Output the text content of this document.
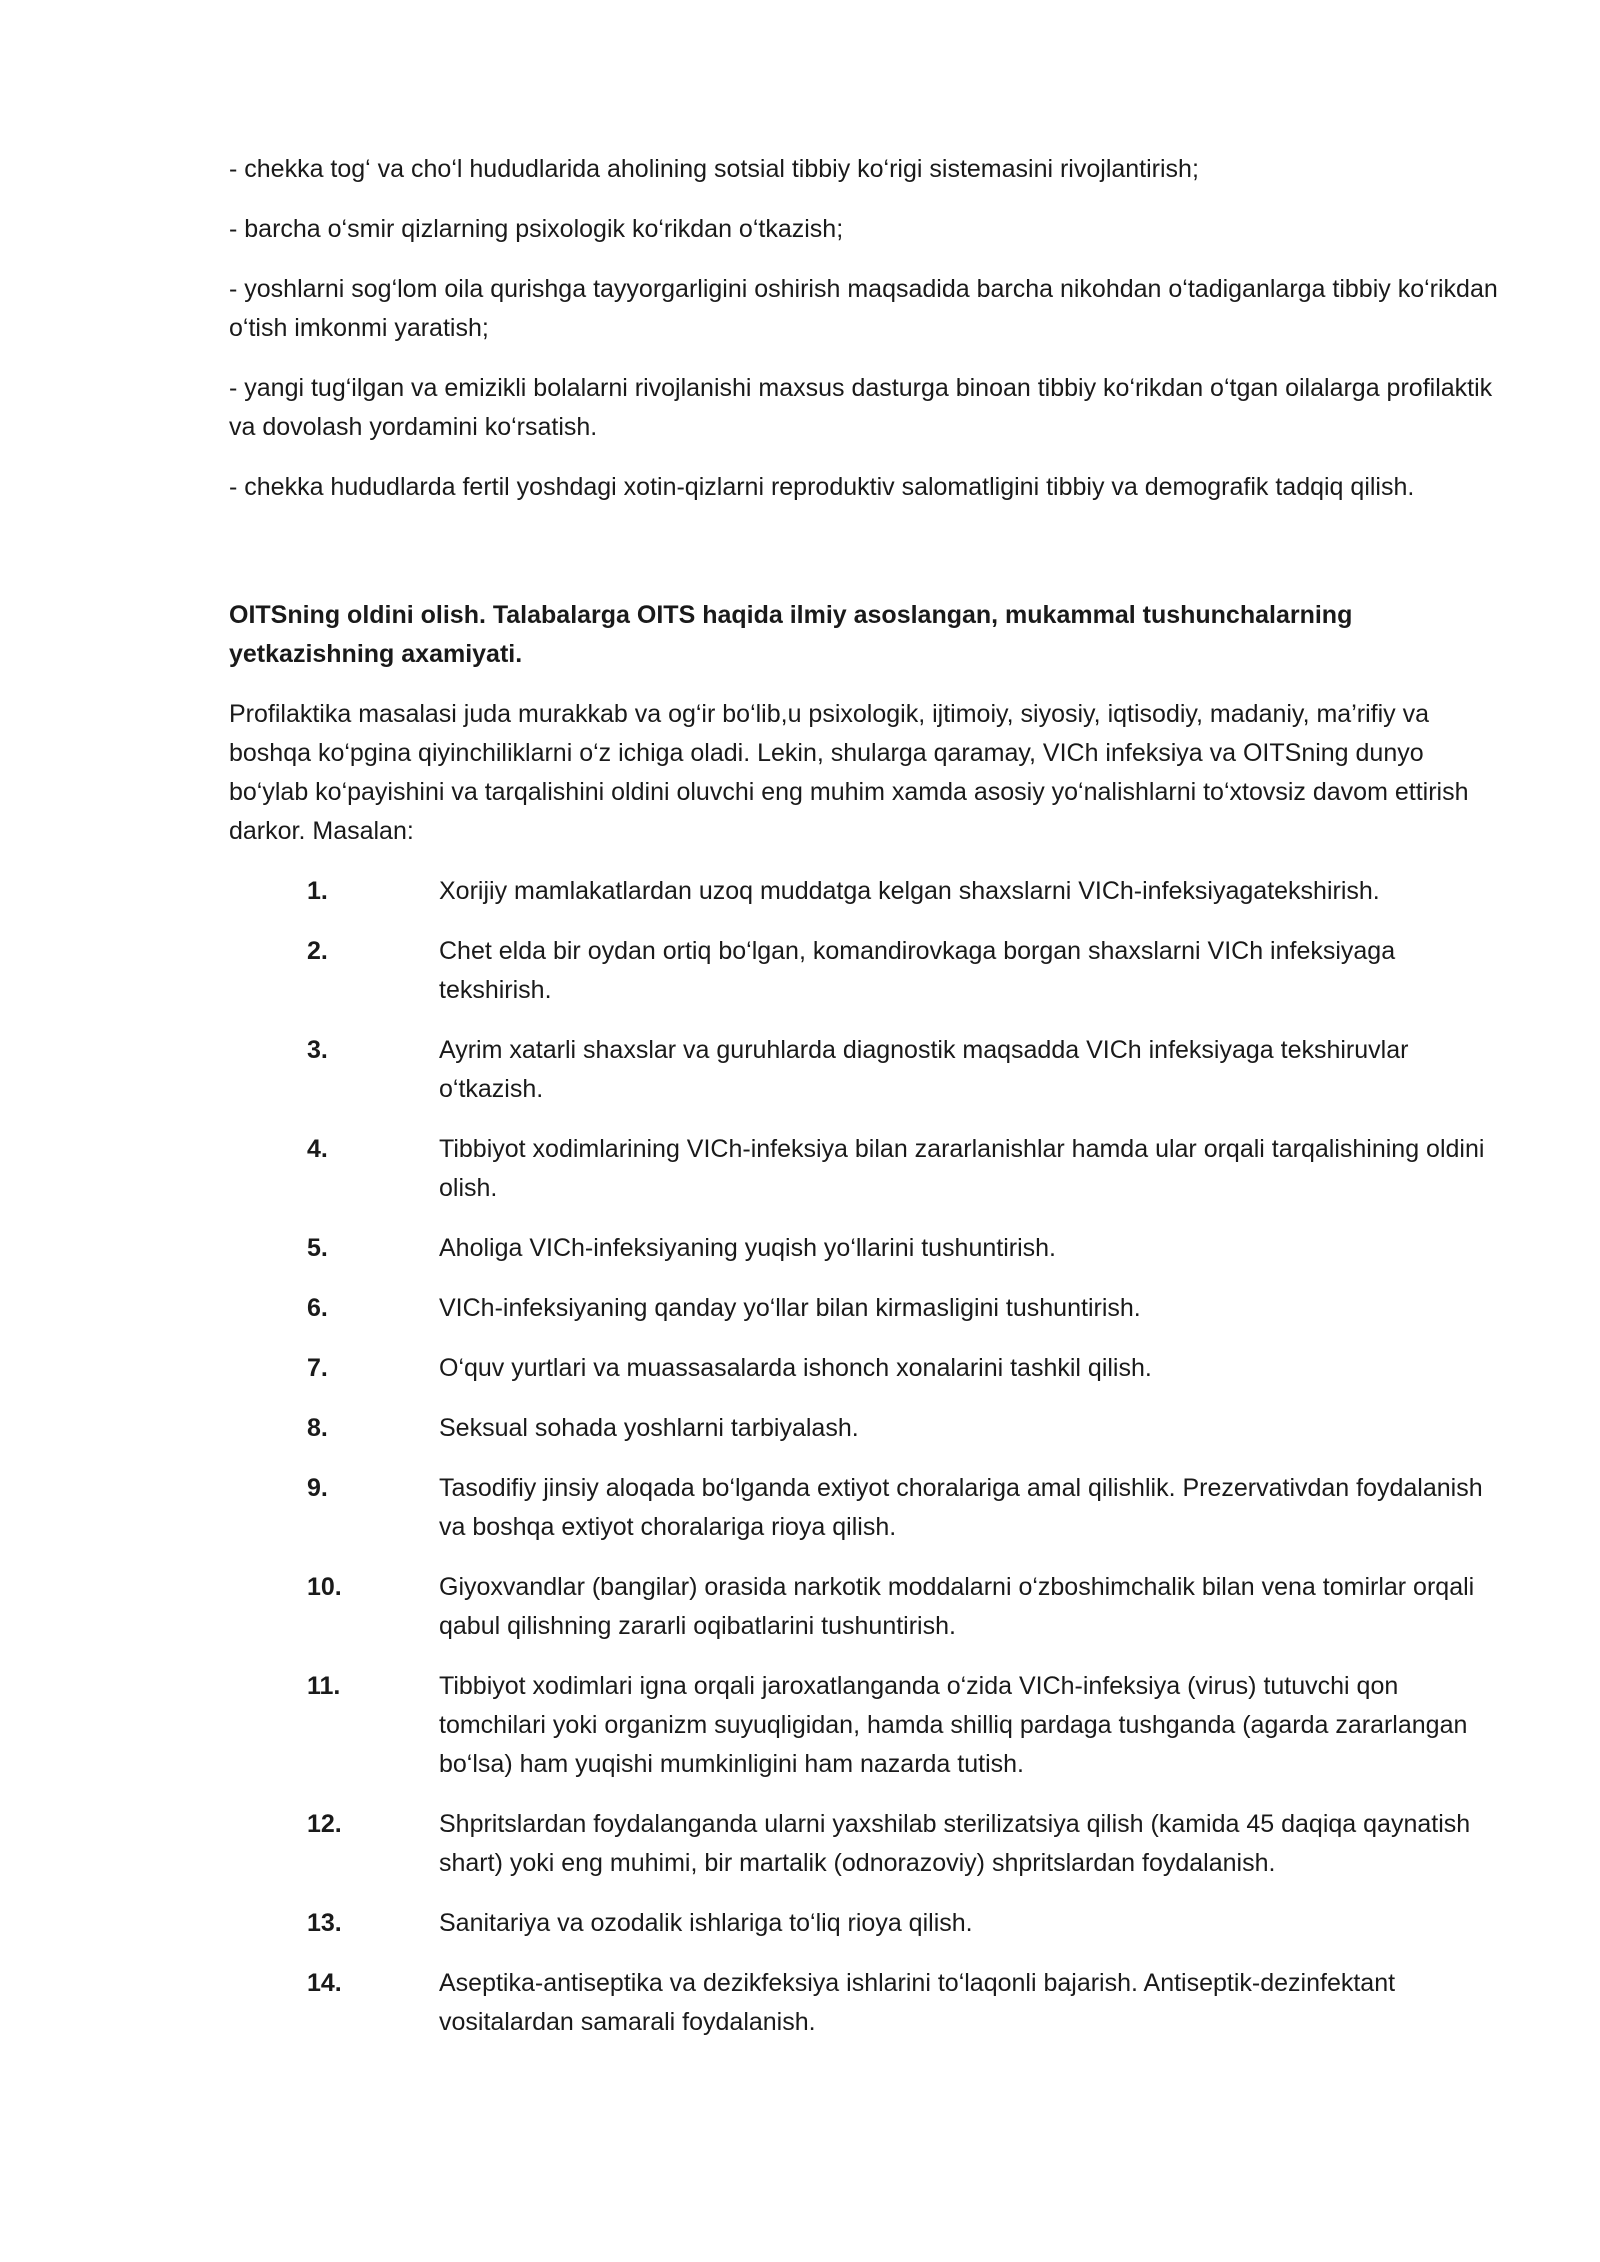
- chekka tog‘ va cho‘l hududlarida aholining sotsial tibbiy ko‘rigi sistemasini rivojlantirish;

- barcha o‘smir qizlarning psixologik ko‘rikdan o‘tkazish;

- yoshlarni sog‘lom oila qurishga tayyorgarligini oshirish maqsadida barcha nikohdan o‘tadiganlarga tibbiy ko‘rikdan o‘tish imkonmi yaratish;

- yangi tug‘ilgan va emizikli bolalarni rivojlanishi maxsus dasturga binoan tibbiy ko‘rikdan o‘tgan oilalarga profilaktik va dovolash yordamini ko‘rsatish.

- chekka hududlarda fertil yoshdagi xotin-qizlarni reproduktiv salomatligini tibbiy va demografik tadqiq qilish.

OITSning oldini olish. Talabalarga OITS haqida ilmiy asoslangan, mukammal tushunchalarning yetkazishning axamiyati.

Profilaktika masalasi juda murakkab va og‘ir bo‘lib,u psixologik, ijtimoiy, siyosiy, iqtisodiy, madaniy, ma’rifiy va boshqa ko‘pgina qiyinchiliklarni o‘z ichiga oladi. Lekin, shularga qaramay, VICh infeksiya va OITSning dunyo bo‘ylab ko‘payishini va tarqalishini oldini oluvchi eng muhim xamda asosiy yo‘nalishlarni to‘xtovsiz davom ettirish darkor. Masalan:

1.	Xorijiy mamlakatlardan uzoq muddatga kelgan shaxslarni VICh-infeksiyagatekshirish.
2.	Chet elda bir oydan ortiq bo‘lgan, komandirovkaga borgan shaxslarni VICh infeksiyaga tekshirish.
3.	Ayrim xatarli shaxslar va guruhlarda diagnostik maqsadda VICh infeksiyaga tekshiruvlar o‘tkazish.
4.	Tibbiyot xodimlarining VICh-infeksiya bilan zararlanishlar hamda ular orqali tarqalishining oldini olish.
5.	Aholiga VICh-infeksiyaning yuqish yo‘llarini tushuntirish.
6.	VICh-infeksiyaning qanday yo‘llar bilan kirmasligini tushuntirish.
7.	O‘quv yurtlari va muassasalarda ishonch xonalarini tashkil qilish.
8.	Seksual sohada yoshlarni tarbiyalash.
9.	Tasodifiy jinsiy aloqada bo‘lganda extiyot choralariga amal qilishlik. Prezervativdan foydalanish va boshqa extiyot choralariga rioya qilish.
10.	Giyoxvandlar (bangilar) orasida narkotik moddalarni o‘zboshimchalik bilan vena tomirlar orqali qabul qilishning zararli oqibatlarini tushuntirish.
11.	Tibbiyot xodimlari igna orqali jaroxatlanganda o‘zida VICh-infeksiya (virus) tutuvchi qon tomchilari yoki organizm suyuqligidan, hamda shilliq pardaga tushganda (agarda zararlangan bo‘lsa) ham yuqishi mumkinligini ham nazarda tutish.
12.	Shpritslardan foydalanganda ularni yaxshilab sterilizatsiya qilish (kamida 45 daqiqa qaynatish shart) yoki eng muhimi, bir martalik (odnorazoviy) shpritslardan foydalanish.
13.	Sanitariya va ozodalik ishlariga to‘liq rioya qilish.
14.	Aseptika-antiseptika va dezikfeksiya ishlarini to‘laqonli bajarish. Antiseptik-dezinfektant vositalardan samarali foydalanish.
